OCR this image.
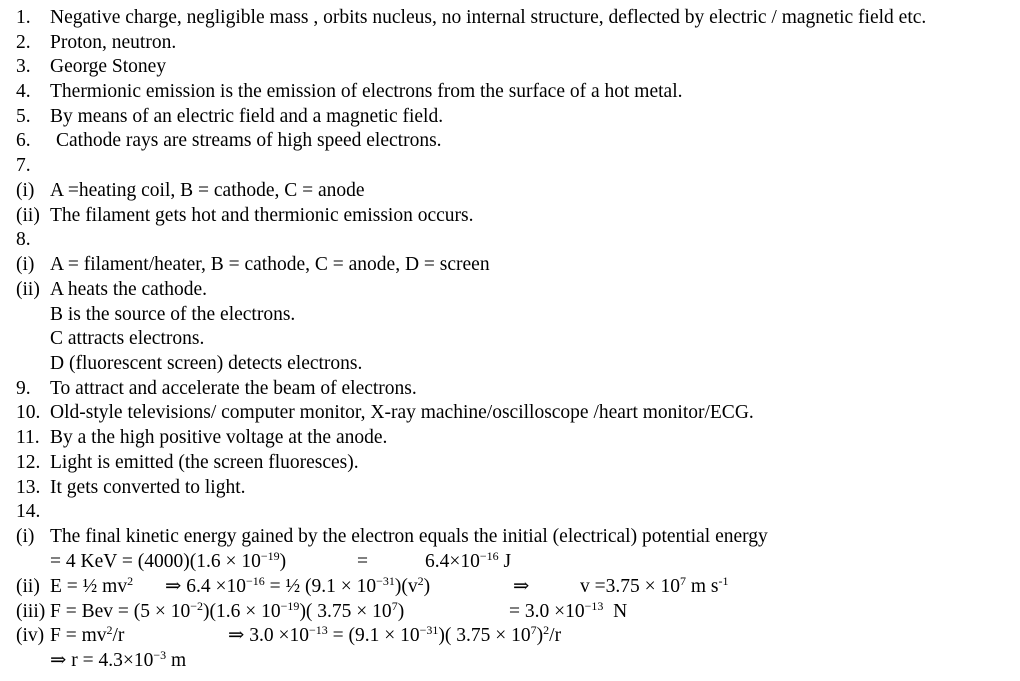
1. Negative charge, negligible mass , orbits nucleus, no internal structure, deflected by electric / magnetic field etc.
2. Proton, neutron.
3. George Stoney
4. Thermionic emission is the emission of electrons from the surface of a hot metal.
5. By means of an electric field and a magnetic field.
6. Cathode rays are streams of high speed electrons.
7.
(i) A =heating coil, B = cathode, C = anode
(ii) The filament gets hot and thermionic emission occurs.
8.
(i) A = filament/heater, B = cathode, C = anode, D = screen
(ii) A heats the cathode.
B is the source of the electrons.
C attracts electrons.
D (fluorescent screen) detects electrons.
9. To attract and accelerate the beam of electrons.
10. Old-style televisions/ computer monitor, X-ray machine/oscilloscope /heart monitor/ECG.
11. By a the high positive voltage at the anode.
12. Light is emitted (the screen fluoresces).
13. It gets converted to light.
14.
(i) The final kinetic energy gained by the electron equals the initial (electrical) potential energy
= 4 KeV = $(4000)(1.6 \times 10^{-19})$	=	$6.4\times 10^{-16}$ J
(ii) E = ½ $mv^2$ ⇒ $6.4 \times 10^{-16}$ = ½ $(9.1 \times 10^{-31})(v^2)$	⇒	$v =3.75 \times 10^7$ m $s^{-1}$
(iii) F = Bev = $(5 \times 10^{-2})(1.6 \times 10^{-19})$( $3.75 \times 10^7$)	= $3.0 \times 10^{-13}$  N
(iv) $F = mv^2/r$	⇒ $3.0 \times 10^{-13} = (9.1 \times 10^{-31})$( $3.75 \times 10^7)^2/r$
⇒ $r = 4.3\times 10^{-3}$ m
